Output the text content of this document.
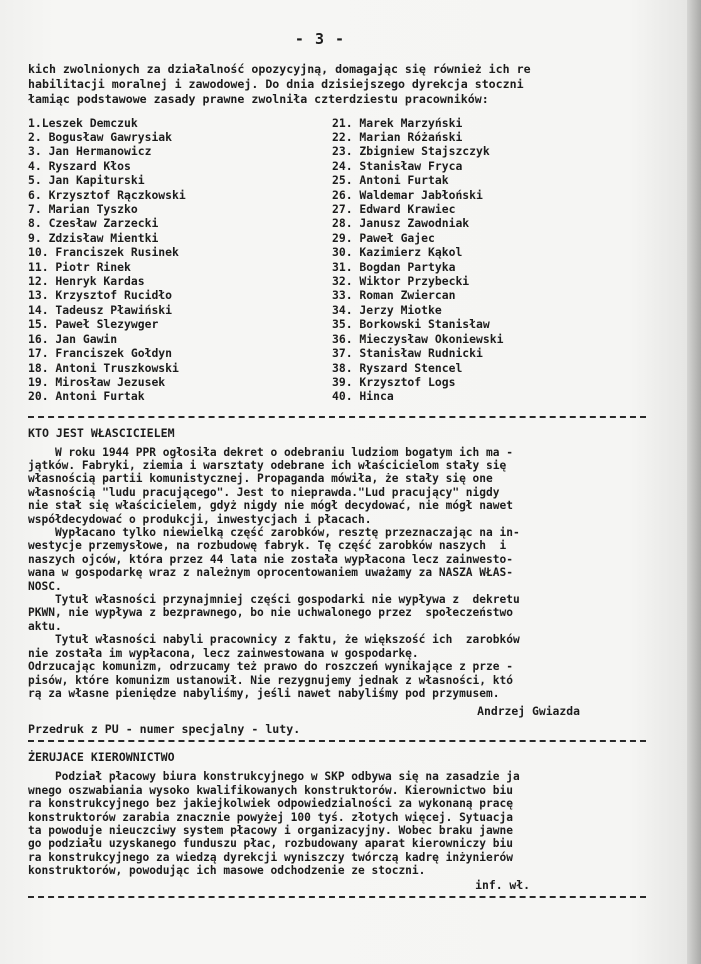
- 3 -

kich zwolnionych za działalność opozycyjną, domagając się również ich re

habilitacji moralnej i zawodowej. Do dnia dzisiejszego dyrekcja stoczni

łamiąc podstawowe zasady prawne zwolniła czterdziestu pracowników:

1.Leszek Demczuk
2. Bogusław Gawrysiak
3. Jan Hermanowicz
4. Ryszard Kłos
5. Jan Kapiturski
6. Krzysztof Rączkowski
7. Marian Tyszko
8. Czesław Zarzecki
9. Zdzisław Mientki
10. Franciszek Rusinek
11. Piotr Rinek
12. Henryk Kardas
13. Krzysztof Rucidło
14. Tadeusz Pławiński
15. Paweł Slezywger
16. Jan Gawin
17. Franciszek Gołdyn
18. Antoni Truszkowski
19. Mirosław Jezusek
20. Antoni Furtak
21. Marek Marzyński
22. Marian Różański
23. Zbigniew Stajszczyk
24. Stanisław Fryca
25. Antoni Furtak
26. Waldemar Jabłoński
27. Edward Krawiec
28. Janusz Zawodniak
29. Paweł Gajec
30. Kazimierz Kąkol
31. Bogdan Partyka
32. Wiktor Przybecki
33. Roman Zwiercan
34. Jerzy Miotke
35. Borkowski Stanisław
36. Mieczysław Okoniewski
37. Stanisław Rudnicki
38. Ryszard Stencel
39. Krzysztof Logs
40. Hinca
KTO JEST WŁASCICIELEM

W roku 1944 PPR ogłosiła dekret o odebraniu ludziom bogatym ich ma -

jątków. Fabryki, ziemia i warsztaty odebrane ich właścicielom stały się

własnością partii komunistycznej. Propaganda mówiła, że stały się one

własnością "ludu pracującego". Jest to nieprawda."Lud pracujący" nigdy

nie stał się właścicielem, gdyż nigdy nie mógł decydować, nie mógł nawet

współdecydować o produkcji, inwestycjach i płacach.

Wypłacano tylko niewielką część zarobków, resztę przeznaczając na in-

westycje przemysłowe, na rozbudowę fabryk. Tę część zarobków naszych  i

naszych ojców, która przez 44 lata nie została wypłacona lecz zainwesto-

wana w gospodarkę wraz z należnym oprocentowaniem uważamy za NASZA WŁAS-

NOSC.

Tytuł własności przynajmniej części gospodarki nie wypływa z  dekretu

PKWN, nie wypływa z bezprawnego, bo nie uchwalonego przez  społeczeństwo

aktu.

Tytuł własności nabyli pracownicy z faktu, że większość ich  zarobków

nie została im wypłacona, lecz zainwestowana w gospodarkę.

Odrzucając komunizm, odrzucamy też prawo do roszczeń wynikające z prze -

pisów, które komunizm ustanowił. Nie rezygnujemy jednak z własności, któ

rą za własne pieniędze nabyliśmy, jeśli nawet nabyliśmy pod przymusem.

Andrzej Gwiazda
Przedruk z PU - numer specjalny - luty.
ŻERUJACE KIEROWNICTWO

Podział płacowy biura konstrukcyjnego w SKP odbywa się na zasadzie ja

wnego oszwabiania wysoko kwalifikowanych konstruktorów. Kierownictwo biu

ra konstrukcyjnego bez jakiejkolwiek odpowiedzialności za wykonaną pracę

konstruktorów zarabia znacznie powyżej 100 tyś. złotych więcej. Sytuacja

ta powoduje nieuczciwy system płacowy i organizacyjny. Wobec braku jawne

go podziału uzyskanego funduszu płac, rozbudowany aparat kierowniczy biu

ra konstrukcyjnego za wiedzą dyrekcji wyniszczy twórczą kadrę inżynierów

konstruktorów, powodując ich masowe odchodzenie ze stoczni.

inf. wł.
